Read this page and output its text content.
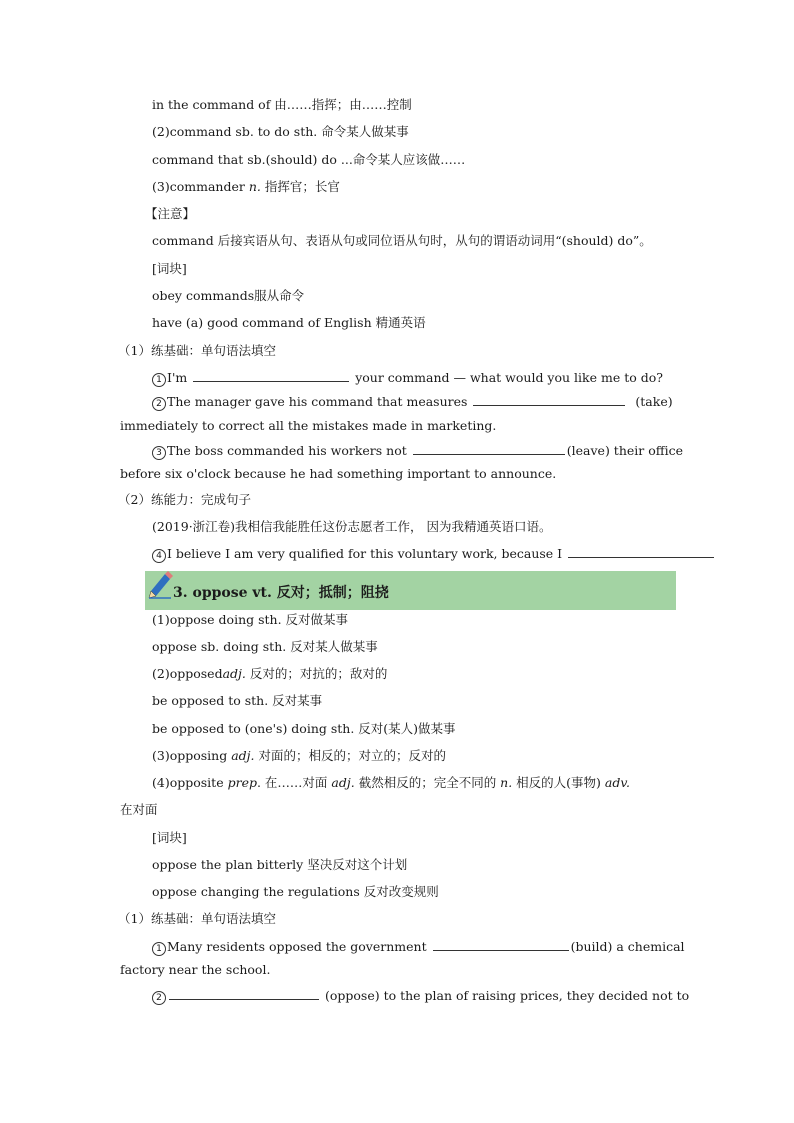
in the command of 由……指挥；由……控制
(2)command sb. to do sth. 命令某人做某事
command that sb.(should) do ...命令某人应该做……
(3)commander n. 指挥官；长官
【注意】
command 后接宾语从句、表语从句或同位语从句时，从句的谓语动词用“(should) do”。
[词块]
obey commands服从命令
have (a) good command of English 精通英语
（1）练基础：单句语法填空
1 I'm	your command — what would you like me to do?
2 The manager gave his command that measures	(take)
immediately to correct all the mistakes made in marketing.
3 The boss commanded his workers not	(leave) their office
before six o'clock because he had something important to announce.
（2）练能力：完成句子
(2019·浙江卷)我相信我能胜任这份志愿者工作， 因为我精通英语口语。
4 I believe I am very qualified for this voluntary work, because I
3. oppose vt. 反对；抵制；阻挠
(1)oppose doing sth. 反对做某事
oppose sb. doing sth. 反对某人做某事
(2)opposedadj. 反对的；对抗的；敌对的
be opposed to sth. 反对某事
be opposed to (one's) doing sth. 反对(某人)做某事
(3)opposing adj. 对面的；相反的；对立的；反对的
(4)opposite prep. 在……对面 adj. 截然相反的；完全不同的 n. 相反的人(事物) adv.
在对面
[词块]
oppose the plan bitterly 坚决反对这个计划
oppose changing the regulations 反对改变规则
（1）练基础：单句语法填空
1 Many residents opposed the government	(build) a chemical
factory near the school.
2	(oppose) to the plan of raising prices, they decided not to
